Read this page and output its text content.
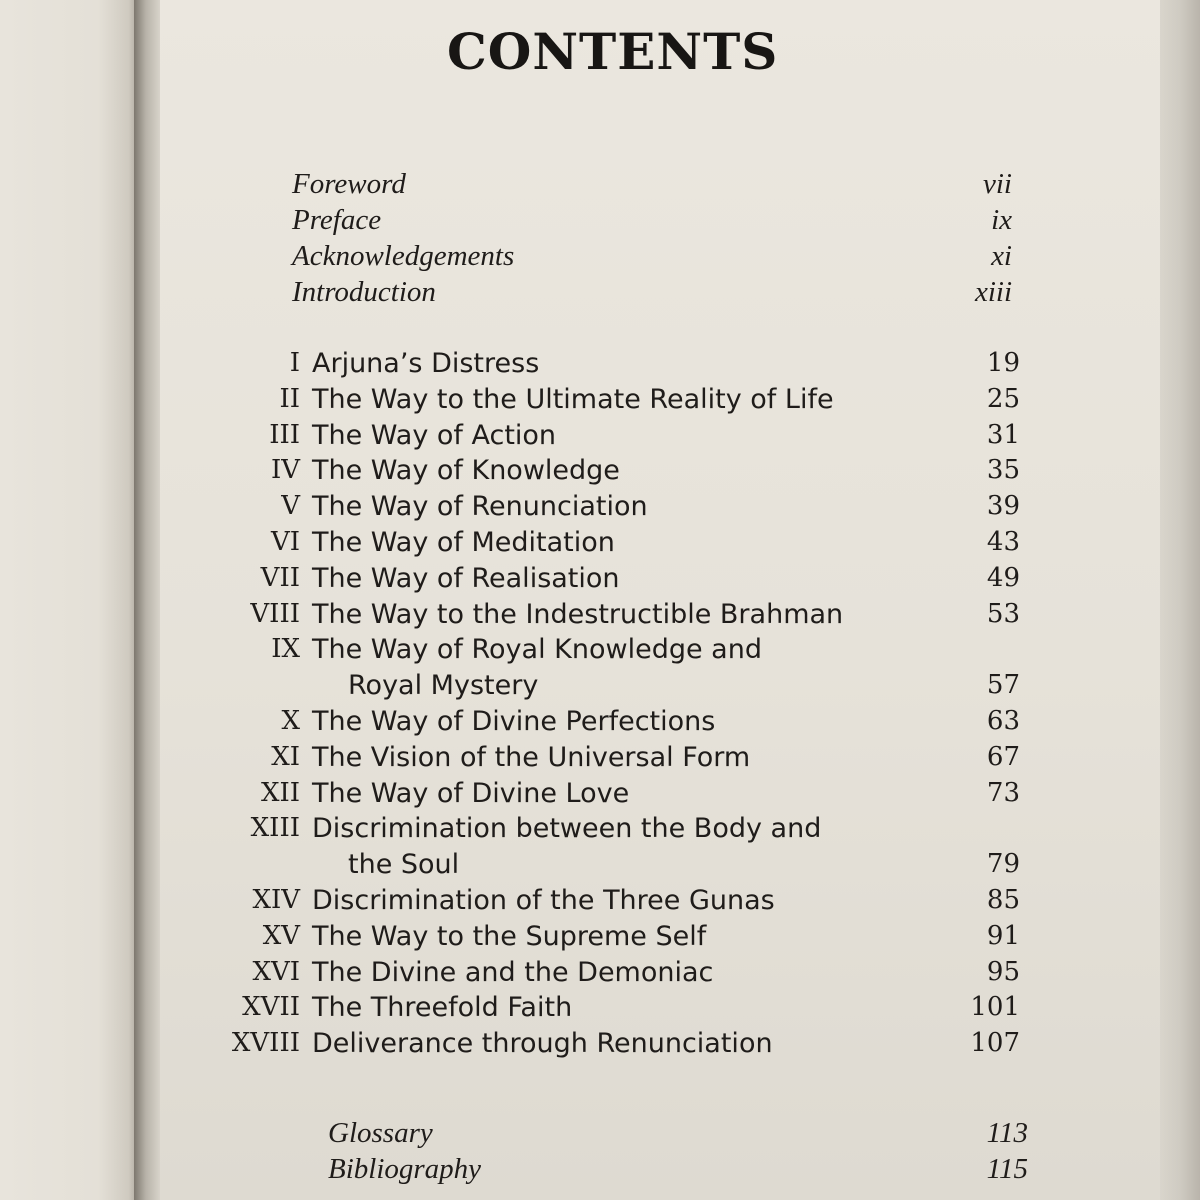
CONTENTS
Foreword	vii
Preface	ix
Acknowledgements	xi
Introduction	xiii
I Arjuna’s Distress	19
II The Way to the Ultimate Reality of Life	25
III The Way of Action	31
IV The Way of Knowledge	35
V The Way of Renunciation	39
VI The Way of Meditation	43
VII The Way of Realisation	49
VIII The Way to the Indestructible Brahman	53
IX The Way of Royal Knowledge and
Royal Mystery	57
X The Way of Divine Perfections	63
XI The Vision of the Universal Form	67
XII The Way of Divine Love	73
XIII Discrimination between the Body and
the Soul	79
XIV Discrimination of the Three Gunas	85
XV The Way to the Supreme Self	91
XVI The Divine and the Demoniac	95
XVII The Threefold Faith	101
XVIII Deliverance through Renunciation	107
Glossary	113
Bibliography	115
